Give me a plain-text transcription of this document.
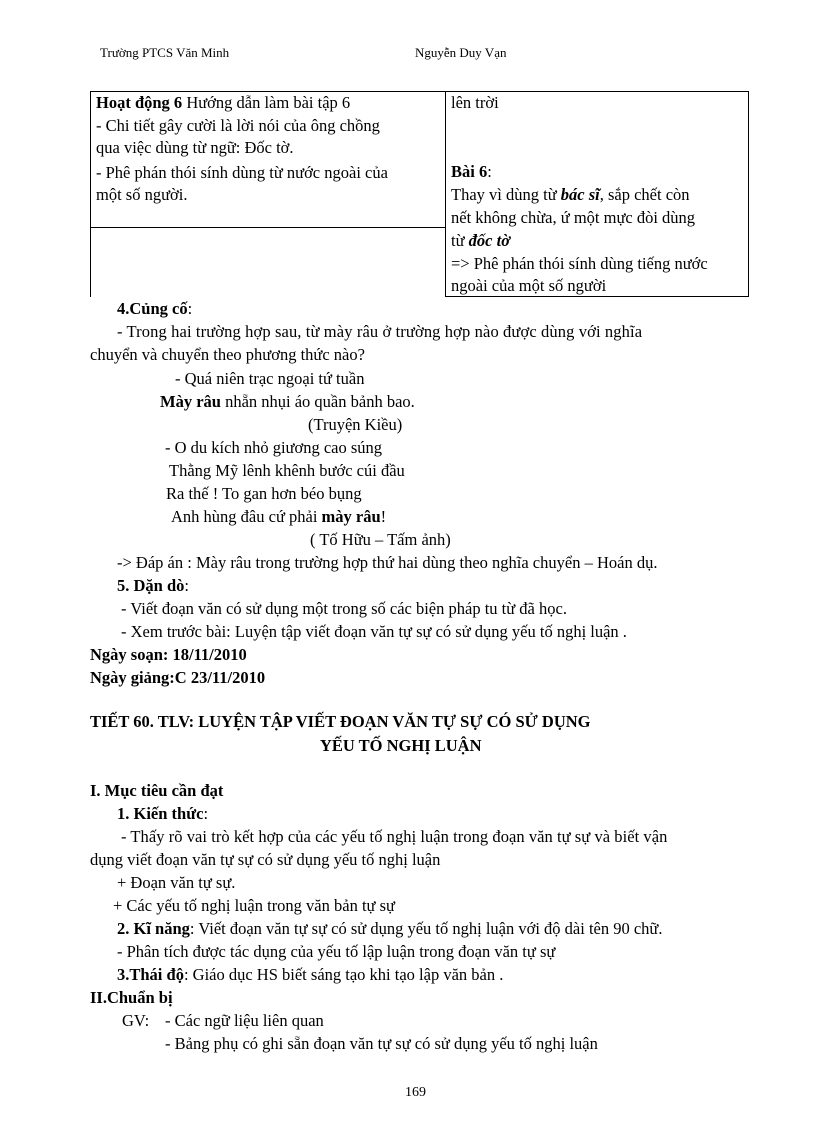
Trường PTCS Văn Minh	Nguyễn Duy Vạn
Hoạt động 6 Hướng dẫn làm bài tập 6
- Chi tiết gây cười là lời nói của ông chồng
qua việc dùng từ ngữ: Đốc tờ.
- Phê phán thói sính dùng từ nước ngoài của
một số người.
lên trời
Bài 6:
Thay vì dùng từ bác sĩ, sắp chết còn
nết không chừa, ứ một mực đòi dùng
từ đốc tờ
=> Phê phán thói sính dùng tiếng nước
ngoài của một số người
4.Củng cố:
- Trong hai trường hợp sau, từ mày râu ở trường hợp nào được dùng với nghĩa
chuyển và chuyển theo phương thức nào?
- Quá niên trạc ngoại tứ tuần
Mày râu nhẵn nhụi áo quần bảnh bao.
(Truyện Kiều)
- O du kích nhỏ giương cao súng
Thằng Mỹ lênh khênh bước cúi đầu
Ra thế ! To gan hơn béo bụng
Anh hùng đâu cứ phải mày râu!
( Tố Hữu – Tấm ảnh)
-> Đáp án : Mày râu trong trường hợp thứ hai dùng theo nghĩa chuyển – Hoán dụ.
5. Dặn dò:
- Viết đoạn văn có sử dụng một trong số các biện pháp tu từ đã học.
- Xem trước bài: Luyện tập viết đoạn văn tự sự có sử dụng yếu tố nghị luận .
Ngày soạn: 18/11/2010
Ngày giảng:C 23/11/2010
TIẾT 60. TLV: LUYỆN TẬP VIẾT ĐOẠN VĂN TỰ SỰ CÓ SỬ DỤNG
YẾU TỐ NGHỊ LUẬN
I. Mục tiêu cần đạt
1. Kiến thức:
- Thấy rõ vai trò kết hợp của các yếu tố nghị luận trong đoạn văn tự sự và biết vận
dụng viết đoạn văn tự sự có sử dụng yếu tố nghị luận
+ Đoạn văn tự sự.
+ Các yếu tố nghị luận trong văn bản tự sự
2. Kĩ năng: Viết đoạn văn tự sự có sử dụng yếu tố nghị luận với độ dài tên 90 chữ.
- Phân tích được tác dụng của yếu tố lập luận trong đoạn văn tự sự
3.Thái độ: Giáo dục HS biết sáng tạo khi tạo lập văn bản .
II.Chuẩn bị
GV: - Các ngữ liệu liên quan
- Bảng phụ có ghi sẵn đoạn văn tự sự có sử dụng yếu tố nghị luận
169
